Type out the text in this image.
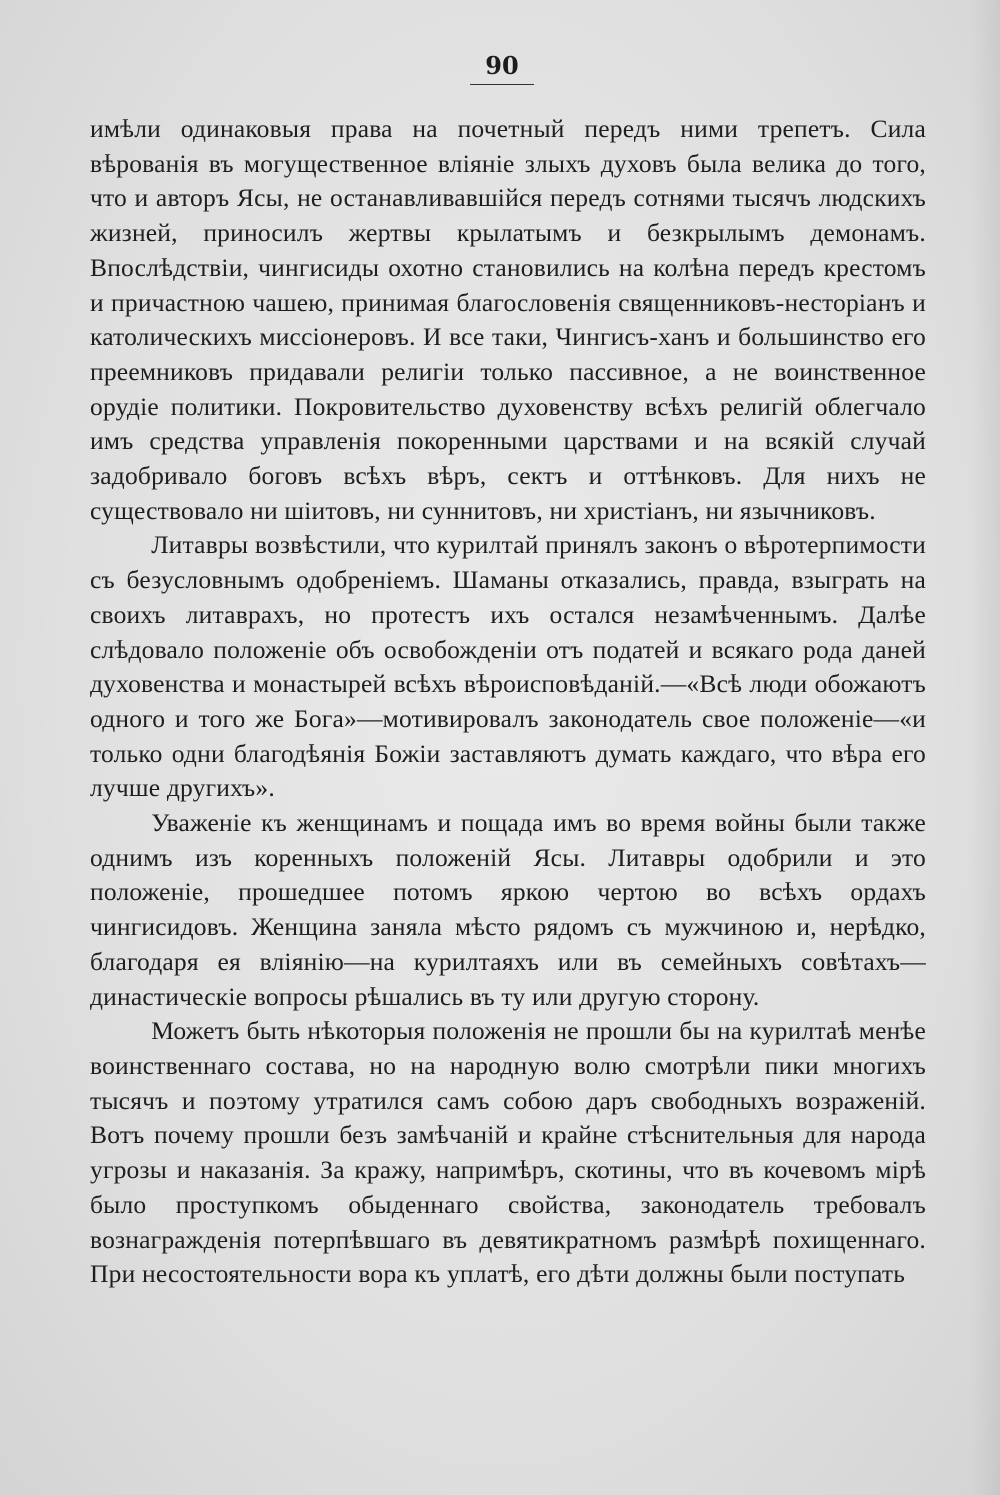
90

имѣли одинаковыя права на почетный передъ ними трепетъ. Сила вѣрованія въ могущественное вліяніе злыхъ духовъ была велика до того, что и авторъ Ясы, не останавливавшійся передъ сотнями тысячъ людскихъ жизней, приносилъ жертвы крылатымъ и безкрылымъ демонамъ. Впослѣдствіи, чингисиды охотно становились на колѣна передъ крестомъ и причастною чашею, принимая благословенія священниковъ-несторіанъ и католическихъ миссіонеровъ. И все таки, Чингисъ-ханъ и большинство его преемниковъ придавали религіи только пассивное, а не воинственное орудіе политики. Покровительство духовенству всѣхъ религій облегчало имъ средства управленія покоренными царствами и на всякій случай задобривало боговъ всѣхъ вѣръ, сектъ и оттѣнковъ. Для нихъ не существовало ни шіитовъ, ни суннитовъ, ни христіанъ, ни язычниковъ.

Литавры возвѣстили, что курилтай принялъ законъ о вѣротерпимости съ безусловнымъ одобреніемъ. Шаманы отказались, правда, взыграть на своихъ литаврахъ, но протестъ ихъ остался незамѣченнымъ. Далѣе слѣдовало положеніе объ освобожденіи отъ податей и всякаго рода даней духовенства и монастырей всѣхъ вѣроисповѣданій.—«Всѣ люди обожаютъ одного и того же Бога»—мотивировалъ законодатель свое положеніе—«и только одни благодѣянія Божіи заставляютъ думать каждаго, что вѣра его лучше другихъ».

Уваженіе къ женщинамъ и пощада имъ во время войны были также однимъ изъ коренныхъ положеній Ясы. Литавры одобрили и это положеніе, прошедшее потомъ яркою чертою во всѣхъ ордахъ чингисидовъ. Женщина заняла мѣсто рядомъ съ мужчиною и, нерѣдко, благодаря ея вліянію—на курилтаяхъ или въ семейныхъ совѣтахъ—династическіе вопросы рѣшались въ ту или другую сторону.

Можетъ быть нѣкоторыя положенія не прошли бы на курилтаѣ менѣе воинственнаго состава, но на народную волю смотрѣли пики многихъ тысячъ и поэтому утратился самъ собою даръ свободныхъ возраженій. Вотъ почему прошли безъ замѣчаній и крайне стѣснительныя для народа угрозы и наказанія. За кражу, напримѣръ, скотины, что въ кочевомъ мірѣ было проступкомъ обыденнаго свойства, законодатель требовалъ вознагражденія потерпѣвшаго въ девятикратномъ размѣрѣ похищеннаго. При несостоятельности вора къ уплатѣ, его дѣти должны были поступать
